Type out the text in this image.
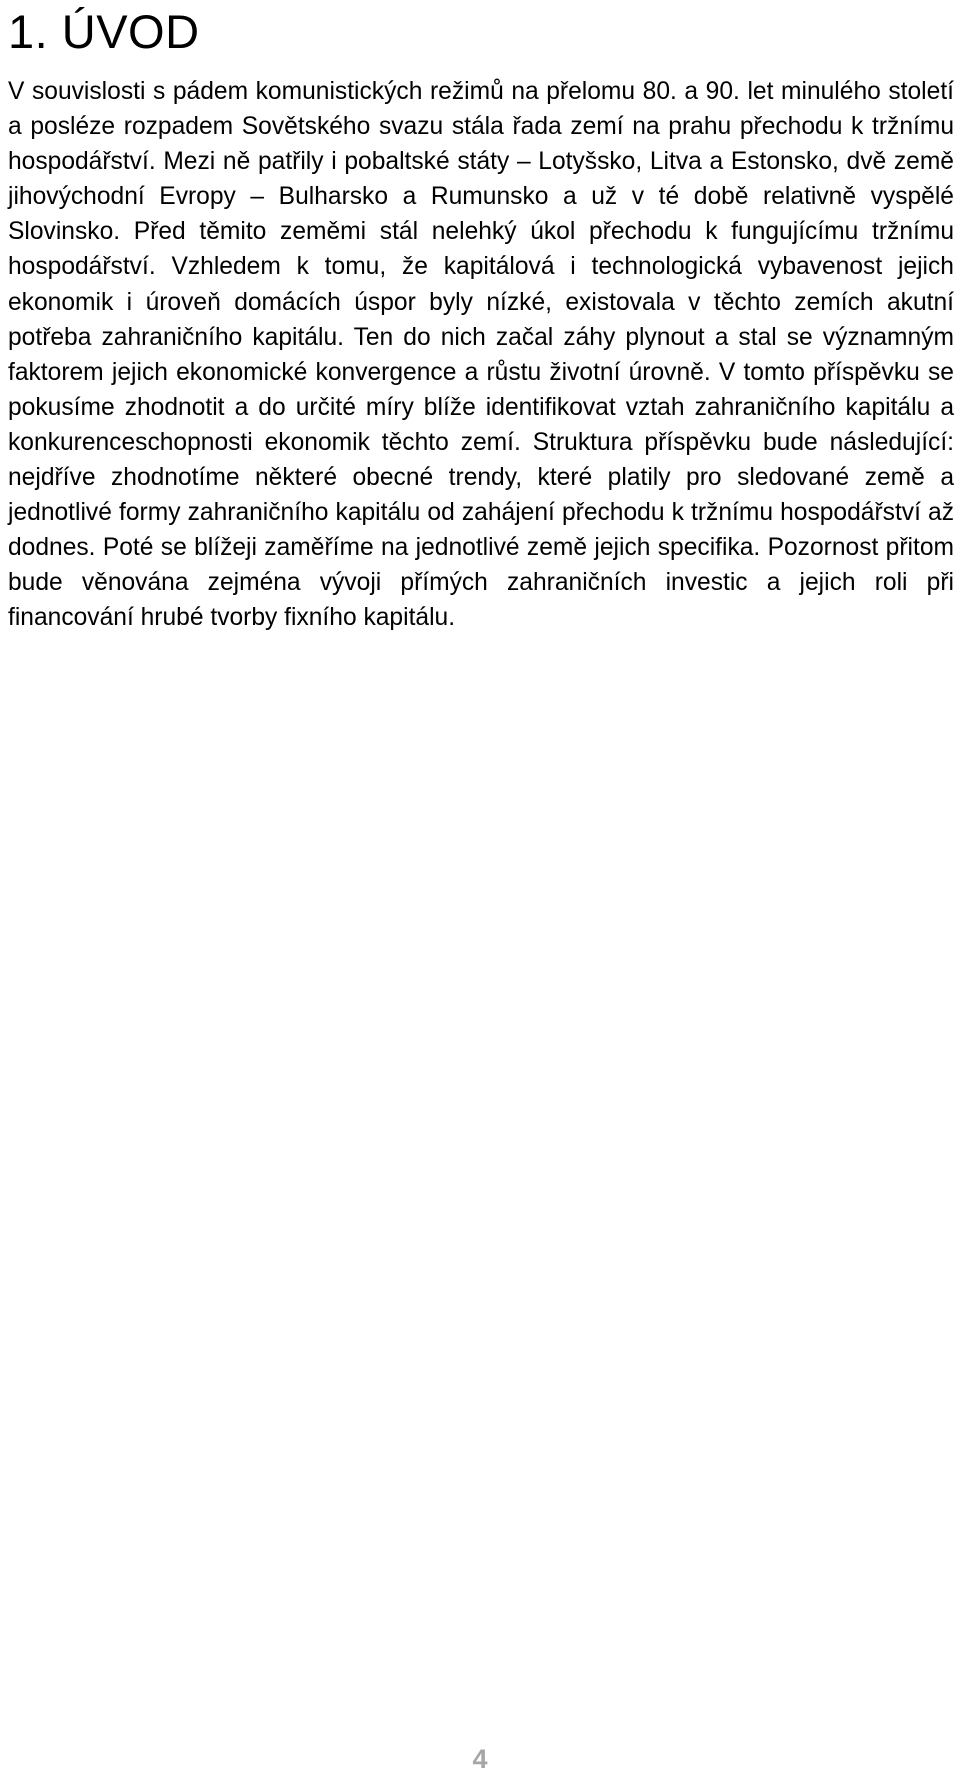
1. ÚVOD

V souvislosti s pádem komunistických režimů na přelomu 80. a 90. let minulého století a posléze rozpadem Sovětského svazu stála řada zemí na prahu přechodu k tržnímu hospodářství. Mezi ně patřily i pobaltské státy – Lotyšsko, Litva a Estonsko, dvě země jihovýchodní Evropy – Bulharsko a Rumunsko a už v té době relativně vyspělé Slovinsko. Před těmito zeměmi stál nelehký úkol přechodu k fungujícímu tržnímu hospodářství. Vzhledem k tomu, že kapitálová i technologická vybavenost jejich ekonomik i úroveň domácích úspor byly nízké, existovala v těchto zemích akutní potřeba zahraničního kapitálu. Ten do nich začal záhy plynout a stal se významným faktorem jejich ekonomické konvergence a růstu životní úrovně. V tomto příspěvku se pokusíme zhodnotit a do určité míry blíže identifikovat vztah zahraničního kapitálu a konkurenceschopnosti ekonomik těchto zemí. Struktura příspěvku bude následující: nejdříve zhodnotíme některé obecné trendy, které platily pro sledované země a jednotlivé formy zahraničního kapitálu od zahájení přechodu k tržnímu hospodářství až dodnes. Poté se blížeji zaměříme na jednotlivé země jejich specifika. Pozornost přitom bude věnována zejména vývoji přímých zahraničních investic a jejich roli při financování hrubé tvorby fixního kapitálu.

4
